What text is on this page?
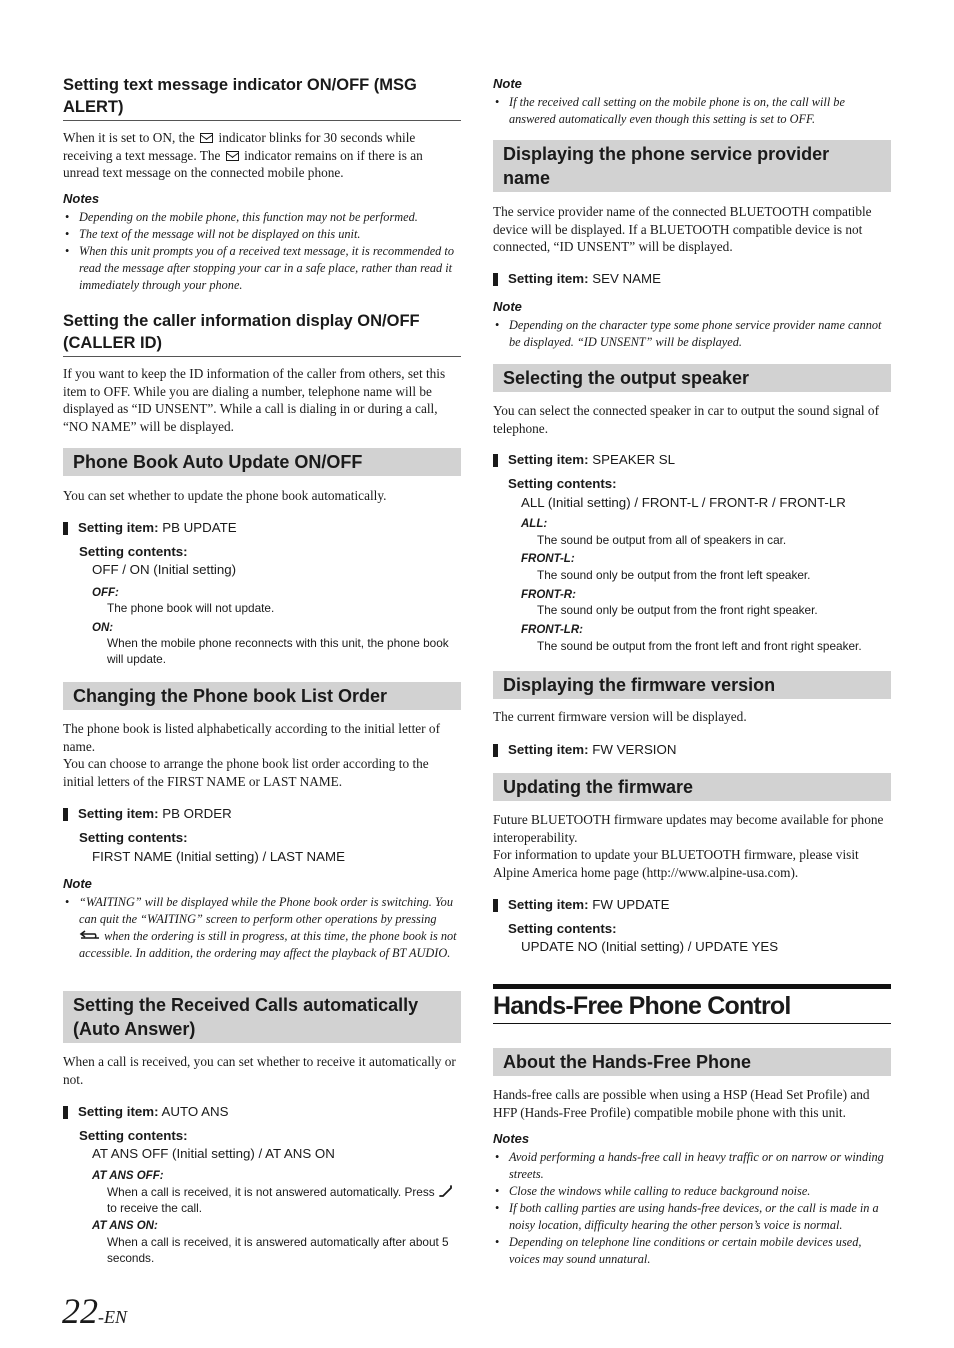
Setting text message indicator ON/OFF (MSG ALERT)
When it is set to ON, the indicator blinks for 30 seconds while receiving a text message. The indicator remains on if there is an unread text message on the connected mobile phone.
Notes
• Depending on the mobile phone, this function may not be performed.
• The text of the message will not be displayed on this unit.
• When this unit prompts you of a received text message, it is recommended to read the message after stopping your car in a safe place, rather than read it immediately through your phone.
Setting the caller information display ON/OFF (CALLER ID)
If you want to keep the ID information of the caller from others, set this item to OFF. While you are dialing a number, telephone name will be displayed as “ID UNSENT”. While a call is dialing in or during a call, “NO NAME” will be displayed.
Phone Book Auto Update ON/OFF
You can set whether to update the phone book automatically.
Setting item: PB UPDATE
Setting contents:
OFF / ON (Initial setting)
OFF:
The phone book will not update.
ON:
When the mobile phone reconnects with this unit, the phone book will update.
Changing the Phone book List Order
The phone book is listed alphabetically according to the initial letter of name.
You can choose to arrange the phone book list order according to the initial letters of the FIRST NAME or LAST NAME.
Setting item: PB ORDER
Setting contents:
FIRST NAME (Initial setting) / LAST NAME
Note
• “WAITING” will be displayed while the Phone book order is switching. You can quit the “WAITING” screen to perform other operations by pressing  when the ordering is still in progress, at this time, the phone book is not accessible. In addition, the ordering may affect the playback of BT AUDIO.
Setting the Received Calls automatically (Auto Answer)
When a call is received, you can set whether to receive it automatically or not.
Setting item: AUTO ANS
Setting contents:
AT ANS OFF (Initial setting) / AT ANS ON
AT ANS OFF:
When a call is received, it is not answered automatically. Press  to receive the call.
AT ANS ON:
When a call is received, it is answered automatically after about 5 seconds.
Note
• If the received call setting on the mobile phone is on, the call will be answered automatically even though this setting is set to OFF.
Displaying the phone service provider name
The service provider name of the connected BLUETOOTH compatible device will be displayed. If a BLUETOOTH compatible device is not connected, “ID UNSENT” will be displayed.
Setting item: SEV NAME
Note
• Depending on the character type some phone service provider name cannot be displayed. “ID UNSENT” will be displayed.
Selecting the output speaker
You can select the connected speaker in car to output the sound signal of telephone.
Setting item: SPEAKER SL
Setting contents:
ALL (Initial setting) / FRONT-L / FRONT-R / FRONT-LR
ALL:
The sound be output from all of speakers in car.
FRONT-L:
The sound only be output from the front left speaker.
FRONT-R:
The sound only be output from the front right speaker.
FRONT-LR:
The sound be output from the front left and front right speaker.
Displaying the firmware version
The current firmware version will be displayed.
Setting item: FW VERSION
Updating the firmware
Future BLUETOOTH firmware updates may become available for phone interoperability.
For information to update your BLUETOOTH firmware, please visit Alpine America home page (http://www.alpine-usa.com).
Setting item: FW UPDATE
Setting contents:
UPDATE NO (Initial setting) / UPDATE YES
Hands-Free Phone Control
About the Hands-Free Phone
Hands-free calls are possible when using a HSP (Head Set Profile) and HFP (Hands-Free Profile) compatible mobile phone with this unit.
Notes
• Avoid performing a hands-free call in heavy traffic or on narrow or winding streets.
• Close the windows while calling to reduce background noise.
• If both calling parties are using hands-free devices, or the call is made in a noisy location, difficulty hearing the other person’s voice is normal.
• Depending on telephone line conditions or certain mobile devices used, voices may sound unnatural.
22-EN
